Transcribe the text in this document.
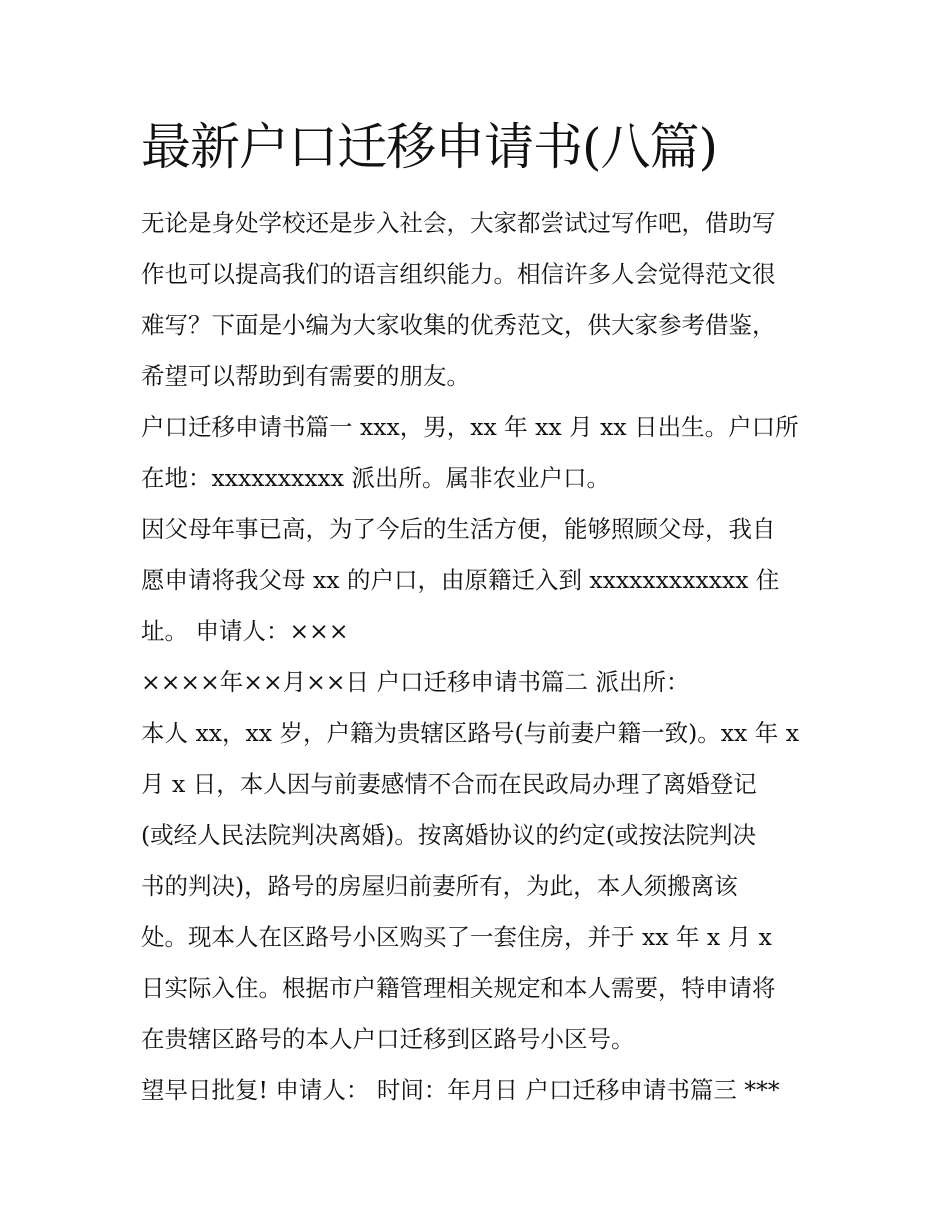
最新户口迁移申请书(八篇)
无论是身处学校还是步入社会，大家都尝试过写作吧，借助写
作也可以提高我们的语言组织能力。相信许多人会觉得范文很
难写？下面是小编为大家收集的优秀范文，供大家参考借鉴，
希望可以帮助到有需要的朋友。
户口迁移申请书篇一 xxx，男，xx 年 xx 月 xx 日出生。户口所
在地：xxxxxxxxxx 派出所。属非农业户口。
因父母年事已高，为了今后的生活方便，能够照顾父母，我自
愿申请将我父母 xx 的户口，由原籍迁入到 xxxxxxxxxxxx 住
址。 申请人：×××
××××年××月××日 户口迁移申请书篇二 派出所：
本人 xx，xx 岁，户籍为贵辖区路号(与前妻户籍一致)。xx 年 x
月 x 日，本人因与前妻感情不合而在民政局办理了离婚登记
(或经人民法院判决离婚)。按离婚协议的约定(或按法院判决
书的判决)，路号的房屋归前妻所有，为此，本人须搬离该
处。现本人在区路号小区购买了一套住房，并于 xx 年 x 月 x
日实际入住。根据市户籍管理相关规定和本人需要，特申请将
在贵辖区路号的本人户口迁移到区路号小区号。
望早日批复! 申请人： 时间：年月日 户口迁移申请书篇三 ***
